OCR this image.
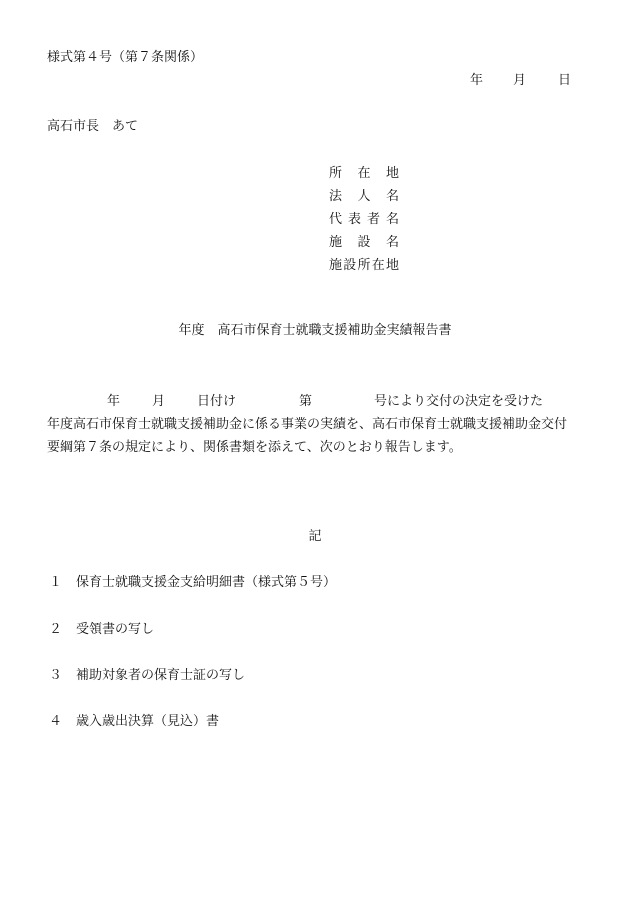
様式第４号（第７条関係）
年 月 日
高石市長　あて
所 在 地
法 人 名
代 表 者 名
施 設 名
施 設 所 在 地
年度　高石市保育士就職支援補助金実績報告書
年 月 日付け	第	号により交付の決定を受けた
年度高石市保育士就職支援補助金に係る事業の実績を、高石市保育士就職支援補助金交付要綱第７条の規定により、関係書類を添えて、次のとおり報告します。
記
１ 保育士就職支援金支給明細書（様式第５号）
２ 受領書の写し
３ 補助対象者の保育士証の写し
４ 歳入歳出決算（見込）書
